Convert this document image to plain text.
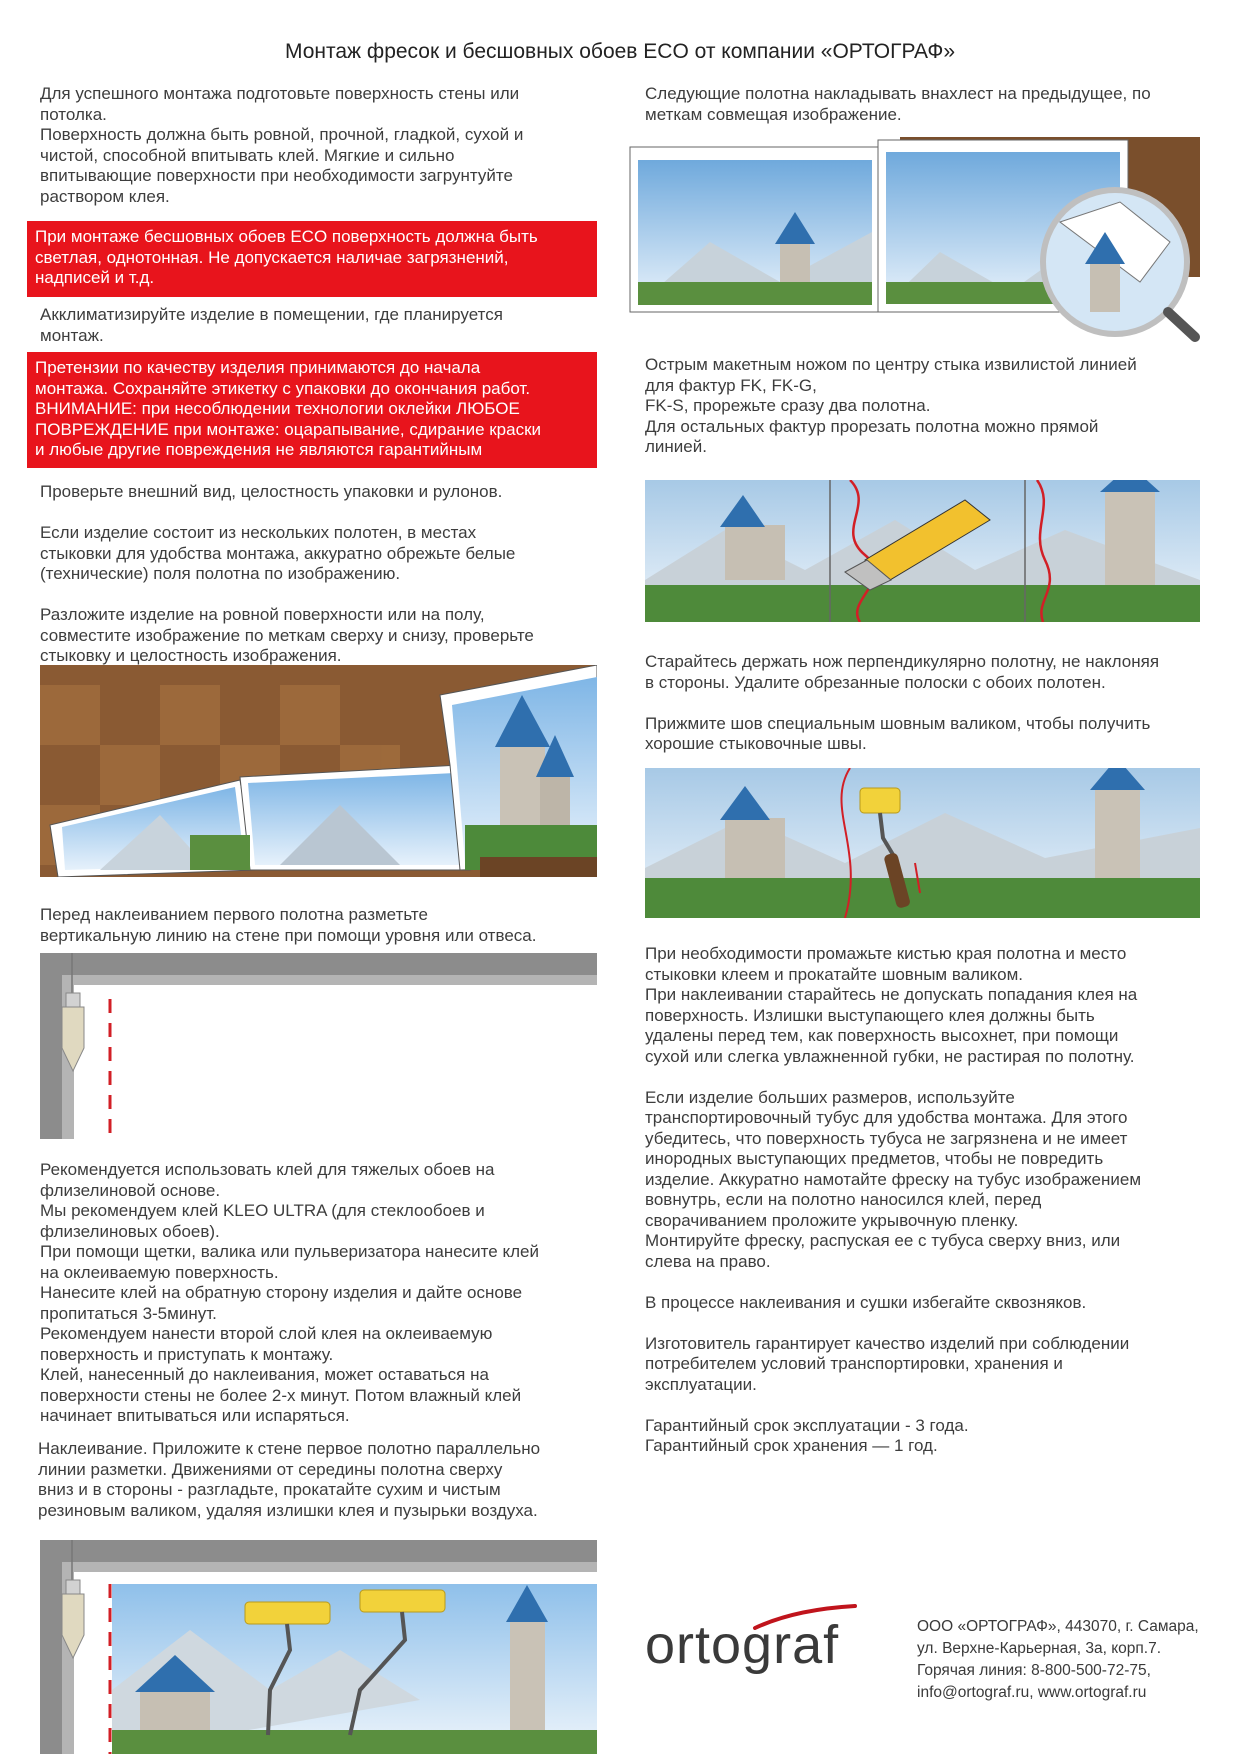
Монтаж фресок и бесшовных обоев ECO от компании «ОРТОГРАФ»
Для успешного монтажа подготовьте поверхность стены или
потолка.
Поверхность должна быть ровной, прочной, гладкой, сухой и
чистой, способной впитывать клей. Мягкие и сильно
впитывающие поверхности при необходимости загрунтуйте
раствором клея.
При монтаже бесшовных обоев ECO поверхность должна быть
светлая, однотонная. Не допускается наличае загрязнений,
надписей и т.д.
Акклиматизируйте изделие в помещении, где планируется
монтаж.
Претензии по качеству изделия принимаются до начала
монтажа. Сохраняйте этикетку с упаковки до окончания работ.
ВНИМАНИЕ: при несоблюдении технологии оклейки ЛЮБОЕ
ПОВРЕЖДЕНИЕ при монтаже: оцарапывание, сдирание краски
и любые другие повреждения не являются гарантийным
Проверьте внешний вид, целостность упаковки и рулонов.

Если изделие состоит из нескольких полотен, в местах
стыковки для удобства монтажа, аккуратно обрежьте белые
(технические) поля полотна по изображению.

Разложите изделие на ровной поверхности или на полу,
совместите изображение по меткам сверху и снизу, проверьте
стыковку и целостность изображения.
Перед наклеиванием первого полотна разметьте
вертикальную линию на стене при помощи уровня или отвеса.
Рекомендуется использовать клей для тяжелых обоев на
флизелиновой основе.
Мы рекомендуем клей KLEO ULTRA (для стеклообоев и
флизелиновых обоев).
При помощи щетки, валика или пульверизатора нанесите клей
на оклеиваемую поверхность.
Нанесите клей на обратную сторону изделия и дайте основе
пропитаться 3-5минут.
Рекомендуем нанести второй слой клея на оклеиваемую
поверхность и приступать к монтажу.
Клей, нанесенный до наклеивания, может оставаться на
поверхности стены не более 2-х минут. Потом влажный клей
начинает впитываться или испаряться.
Наклеивание. Приложите к стене первое полотно параллельно
линии разметки. Движениями от середины полотна сверху
вниз и в стороны - разгладьте, прокатайте сухим и чистым
резиновым валиком, удаляя излишки клея и пузырьки воздуха.
Следующие полотна накладывать внахлест на предыдущее, по
меткам совмещая изображение.
Острым макетным ножом по центру стыка извилистой линией
для фактур FK, FK-G,
FK-S, прорежьте сразу два полотна.
Для остальных фактур прорезать полотна можно прямой
линией.
Старайтесь держать нож перпендикулярно полотну, не наклоняя
в стороны. Удалите обрезанные полоски с обоих полотен.

Прижмите шов специальным шовным валиком, чтобы получить
хорошие стыковочные швы.
При необходимости промажьте кистью края полотна и место
стыковки клеем и прокатайте шовным валиком.
При наклеивании старайтесь не допускать попадания клея на
поверхность. Излишки выступающего клея должны быть
удалены перед тем, как поверхность высохнет, при помощи
сухой или слегка увлажненной губки, не растирая по полотну.

Если изделие больших размеров, используйте
транспортировочный тубус для удобства монтажа. Для этого
убедитесь, что поверхность тубуса не загрязнена и не имеет
инородных выступающих предметов, чтобы не повредить
изделие. Аккуратно намотайте фреску на тубус изображением
вовнутрь, если на полотно наносился клей, перед
сворачиванием проложите укрывочную пленку.
Монтируйте фреску, распуская ее с тубуса сверху вниз, или
слева на право.

В процессе наклеивания и сушки избегайте сквозняков.

Изготовитель гарантирует качество изделий при соблюдении
потребителем условий транспортировки, хранения и
эксплуатации.

Гарантийный срок эксплуатации - 3 года.
Гарантийный срок хранения — 1 год.
ortograf	ООО «ОРТОГРАФ», 443070, г. Самара,
ул. Верхне-Карьерная, 3а, корп.7.
Горячая линия: 8-800-500-72-75,
info@ortograf.ru, www.ortograf.ru
